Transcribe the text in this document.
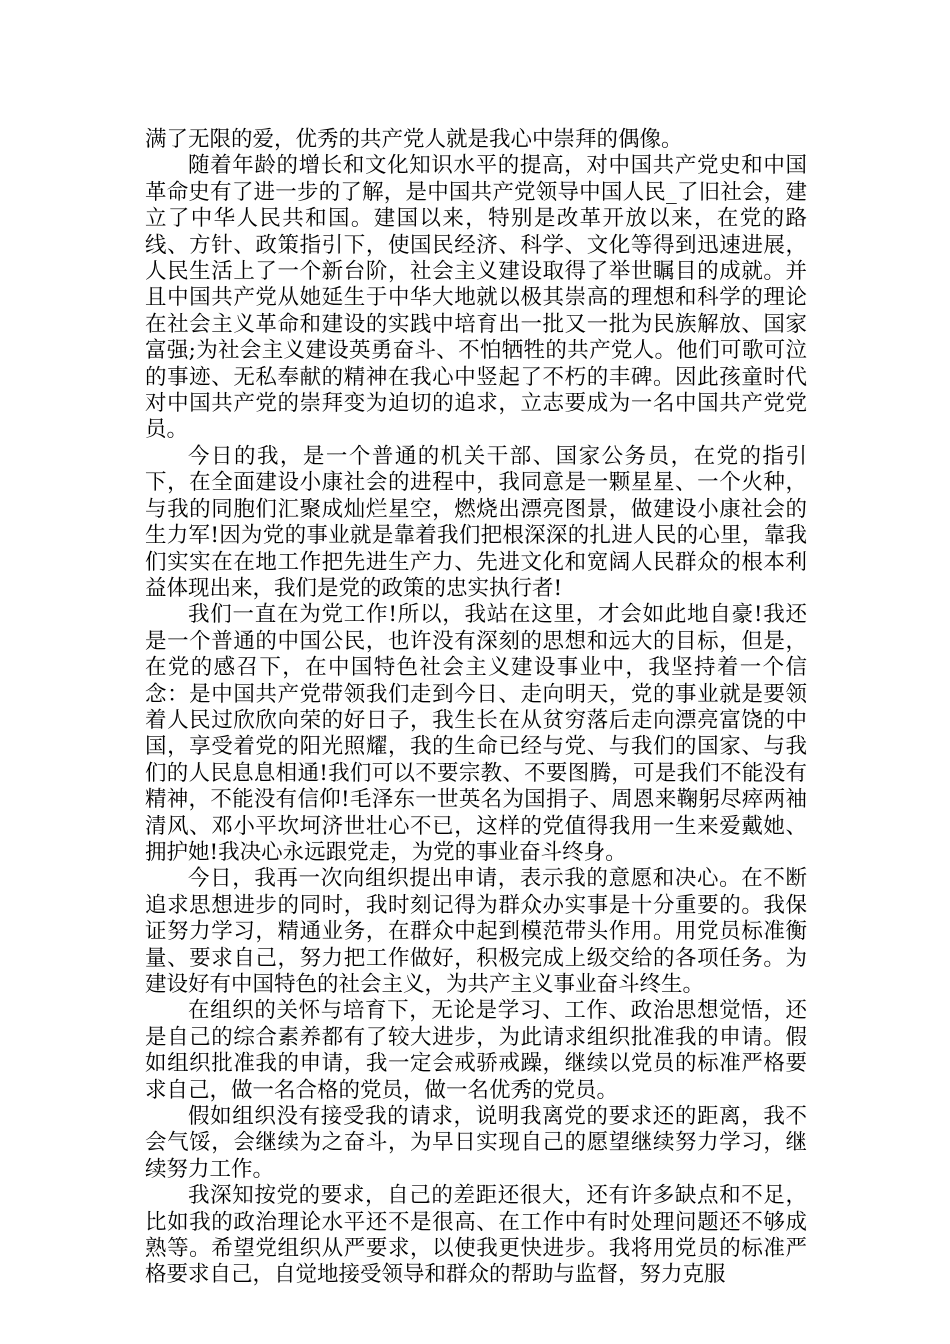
满了无限的爱，优秀的共产党人就是我心中崇拜的偶像。

随着年龄的增长和文化知识水平的提高，对中国共产党史和中国革命史有了进一步的了解，是中国共产党领导中国人民_了旧社会，建立了中华人民共和国。建国以来，特别是改革开放以来，在党的路线、方针、政策指引下，使国民经济、科学、文化等得到迅速进展，人民生活上了一个新台阶，社会主义建设取得了举世瞩目的成就。并且中国共产党从她延生于中华大地就以极其崇高的理想和科学的理论在社会主义革命和建设的实践中培育出一批又一批为民族解放、国家富强;为社会主义建设英勇奋斗、不怕牺牲的共产党人。他们可歌可泣的事迹、无私奉献的精神在我心中竖起了不朽的丰碑。因此孩童时代对中国共产党的崇拜变为迫切的追求，立志要成为一名中国共产党党员。

今日的我，是一个普通的机关干部、国家公务员，在党的指引下，在全面建设小康社会的进程中，我同意是一颗星星、一个火种，与我的同胞们汇聚成灿烂星空，燃烧出漂亮图景，做建设小康社会的生力军!因为党的事业就是靠着我们把根深深的扎进人民的心里，靠我们实实在在地工作把先进生产力、先进文化和宽阔人民群众的根本利益体现出来，我们是党的政策的忠实执行者!

我们一直在为党工作!所以，我站在这里，才会如此地自豪!我还是一个普通的中国公民，也许没有深刻的思想和远大的目标，但是，在党的感召下，在中国特色社会主义建设事业中，我坚持着一个信念：是中国共产党带领我们走到今日、走向明天，党的事业就是要领着人民过欣欣向荣的好日子，我生长在从贫穷落后走向漂亮富饶的中国，享受着党的阳光照耀，我的生命已经与党、与我们的国家、与我们的人民息息相通!我们可以不要宗教、不要图腾，可是我们不能没有精神，不能没有信仰!毛泽东一世英名为国捐子、周恩来鞠躬尽瘁两袖清风、邓小平坎坷济世壮心不已，这样的党值得我用一生来爱戴她、拥护她!我决心永远跟党走，为党的事业奋斗终身。

今日，我再一次向组织提出申请，表示我的意愿和决心。在不断追求思想进步的同时，我时刻记得为群众办实事是十分重要的。我保证努力学习，精通业务，在群众中起到模范带头作用。用党员标准衡量、要求自己，努力把工作做好，积极完成上级交给的各项任务。为建设好有中国特色的社会主义，为共产主义事业奋斗终生。

在组织的关怀与培育下，无论是学习、工作、政治思想觉悟，还是自己的综合素养都有了较大进步，为此请求组织批准我的申请。假如组织批准我的申请，我一定会戒骄戒躁，继续以党员的标准严格要求自己，做一名合格的党员，做一名优秀的党员。

假如组织没有接受我的请求，说明我离党的要求还的距离，我不会气馁，会继续为之奋斗，为早日实现自己的愿望继续努力学习，继续努力工作。

我深知按党的要求，自己的差距还很大，还有许多缺点和不足，比如我的政治理论水平还不是很高、在工作中有时处理问题还不够成熟等。希望党组织从严要求，以使我更快进步。我将用党员的标准严格要求自己，自觉地接受领导和群众的帮助与监督，努力克服
